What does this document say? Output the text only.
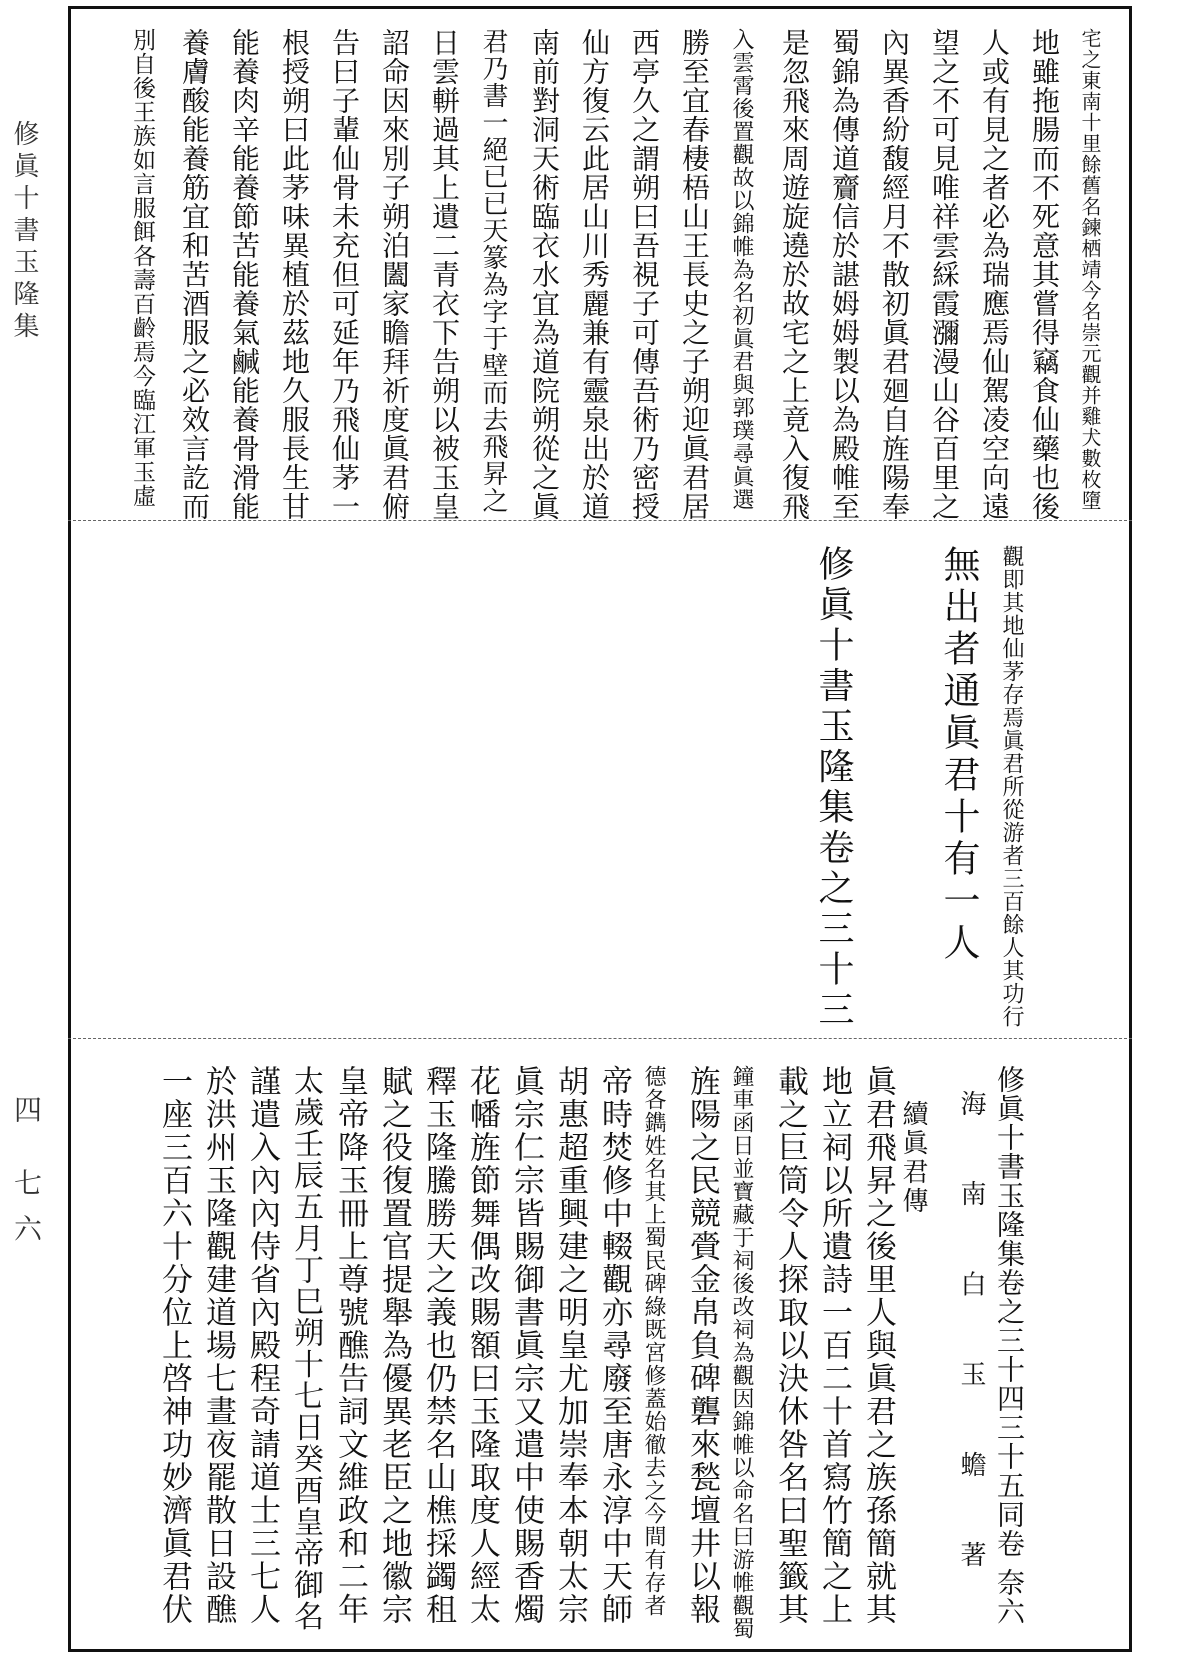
修眞十書玉隆集
四 七六
宅之東南十里餘舊名鍊栖靖今名崇元觀并雞犬數枚墮
地雖拖腸而不死意其嘗得竊食仙藥也後
人或有見之者必為瑞應焉仙駕凌空向遠
望之不可見唯祥雲綵霞瀰漫山谷百里之
內異香紛馥經月不散初眞君廻自旌陽奉
蜀錦為傳道齎信於諶姆姆製以為殿帷至
是忽飛來周遊旋遶於故宅之上竟入復飛
入雲霄後置觀故以錦帷為名初眞君與郭璞尋眞選
勝至宜春棲梧山王長史之子朔迎眞君居
西亭久之謂朔曰吾視子可傳吾術乃密授
仙方復云此居山川秀麗兼有靈泉出於道
南前對洞天術臨衣水宜為道院朔從之眞
君乃書一絕已已天篆為字于壁而去飛昇之
日雲軿過其上遺二青衣下告朔以被玉皇
詔命因來別子朔泊闔家瞻拜祈度眞君俯
告曰子輩仙骨未充但可延年乃飛仙茅一
根授朔曰此茅味異植於茲地久服長生甘
能養肉辛能養節苦能養氣鹹能養骨滑能
養膚酸能養筋宜和苦酒服之必效言訖而
別自後王族如言服餌各壽百齡焉今臨江軍玉虛
觀即其地仙茅存焉眞君所從游者三百餘人其功行
無出者通眞君十有一人
修眞十書玉隆集卷之三十三
修眞十書玉隆集卷之三十四三十五同卷 奈六
海 南 白 玉 蟾 著
續眞君傳
眞君飛昇之後里人與眞君之族孫簡就其
地立祠以所遺詩一百二十首寫竹簡之上
載之巨筒令人探取以決休咎名曰聖籤其
鐘車函日並寶藏于祠後改祠為觀因錦帷以命名曰游帷觀蜀
旌陽之民競賫金帛負碑礱來甃壇井以報
德各鐫姓名其上蜀民碑綠既宮修蓋始徹去之今間有存者
帝時焚修中輟觀亦尋廢至唐永淳中天師
胡惠超重興建之明皇尤加崇奉本朝太宗
眞宗仁宗皆賜御書眞宗又遣中使賜香燭
花幡旌節舞偶改賜額曰玉隆取度人經太
釋玉隆騰勝天之義也仍禁名山樵採蠲租
賦之役復置官提舉為優異老臣之地徽宗
皇帝降玉冊上尊號醮告詞文維政和二年
太歲壬辰五月丁巳朔十七日癸酉皇帝御名
謹遣入內內侍省內殿程奇請道士三七人
於洪州玉隆觀建道場七晝夜罷散日設醮
一座三百六十分位上啓神功妙濟眞君伏
